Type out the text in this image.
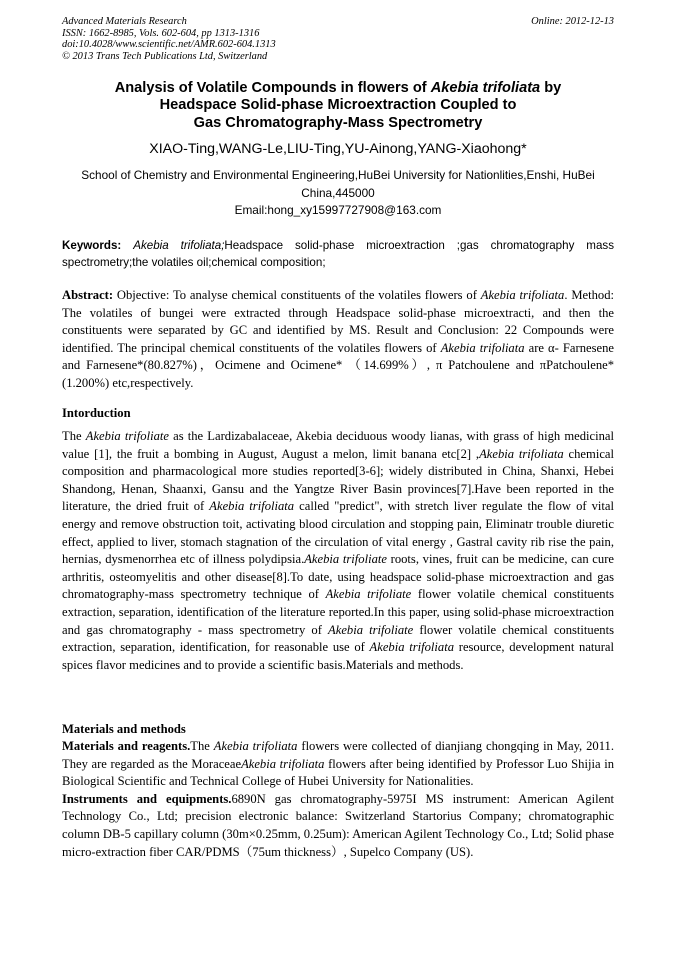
Advanced Materials Research
ISSN: 1662-8985, Vols. 602-604, pp 1313-1316
doi:10.4028/www.scientific.net/AMR.602-604.1313
© 2013 Trans Tech Publications Ltd, Switzerland
Online: 2012-12-13
Analysis of Volatile Compounds in flowers of Akebia trifoliata by
Headspace Solid-phase Microextraction Coupled to
Gas Chromatography-Mass Spectrometry
XIAO-Ting,WANG-Le,LIU-Ting,YU-Ainong,YANG-Xiaohong*
School of Chemistry and Environmental Engineering,HuBei University for Nationlities,Enshi, HuBei
China,445000
Email:hong_xy15997727908@163.com
Keywords: Akebia trifoliata;Headspace solid-phase microextraction ;gas chromatography mass spectrometry;the volatiles oil;chemical composition;
Abstract: Objective: To analyse chemical constituents of the volatiles flowers of Akebia trifoliata. Method: The volatiles of bungei were extracted through Headspace solid-phase microextracti, and then the constituents were separated by GC and identified by MS. Result and Conclusion: 22 Compounds were identified. The principal chemical constituents of the volatiles flowers of Akebia trifoliata are α- Farnesene and Farnesene*(80.827%)，Ocimene and Ocimene* （14.699%）, π Patchoulene and πPatchoulene*(1.200%) etc,respectively.
Intorduction
The Akebia trifoliate as the Lardizabalaceae, Akebia deciduous woody lianas, with grass of high medicinal value [1], the fruit a bombing in August, August a melon, limit banana etc[2] ,Akebia trifoliata chemical composition and pharmacological more studies reported[3-6]; widely distributed in China, Shanxi, Hebei Shandong, Henan, Shaanxi, Gansu and the Yangtze River Basin provinces[7].Have been reported in the literature, the dried fruit of Akebia trifoliata called "predict", with stretch liver regulate the flow of vital energy and remove obstruction toit, activating blood circulation and stopping pain, Eliminatr trouble diuretic effect, applied to liver, stomach stagnation of the circulation of vital energy , Gastral cavity rib rise the pain, hernias, dysmenorrhea etc of illness polydipsia.Akebia trifoliate roots, vines, fruit can be medicine, can cure arthritis, osteomyelitis and other disease[8].To date, using headspace solid-phase microextraction and gas chromatography-mass spectrometry technique of Akebia trifoliate flower volatile chemical constituents extraction, separation, identification of the literature reported.In this paper, using solid-phase microextraction and gas chromatography - mass spectrometry of Akebia trifoliate flower volatile chemical constituents extraction, separation, identification, for reasonable use of Akebia trifoliata resource, development natural spices flavor medicines and to provide a scientific basis.Materials and methods.
Materials and methods

Materials and reagents.The Akebia trifoliata flowers were collected of dianjiang chongqing in May, 2011. They are regarded as the MoraceaeAkebia trifoliata flowers after being identified by Professor Luo Shijia in Biological Scientific and Technical College of Hubei University for Nationalities.

Instruments and equipments.6890N gas chromatography-5975I MS instrument: American Agilent Technology Co., Ltd; precision electronic balance: Switzerland Startorius Company; chromatographic column DB-5 capillary column (30m×0.25mm, 0.25um): American Agilent Technology Co., Ltd; Solid phase micro-extraction fiber CAR/PDMS（75um thickness）, Supelco Company (US).
